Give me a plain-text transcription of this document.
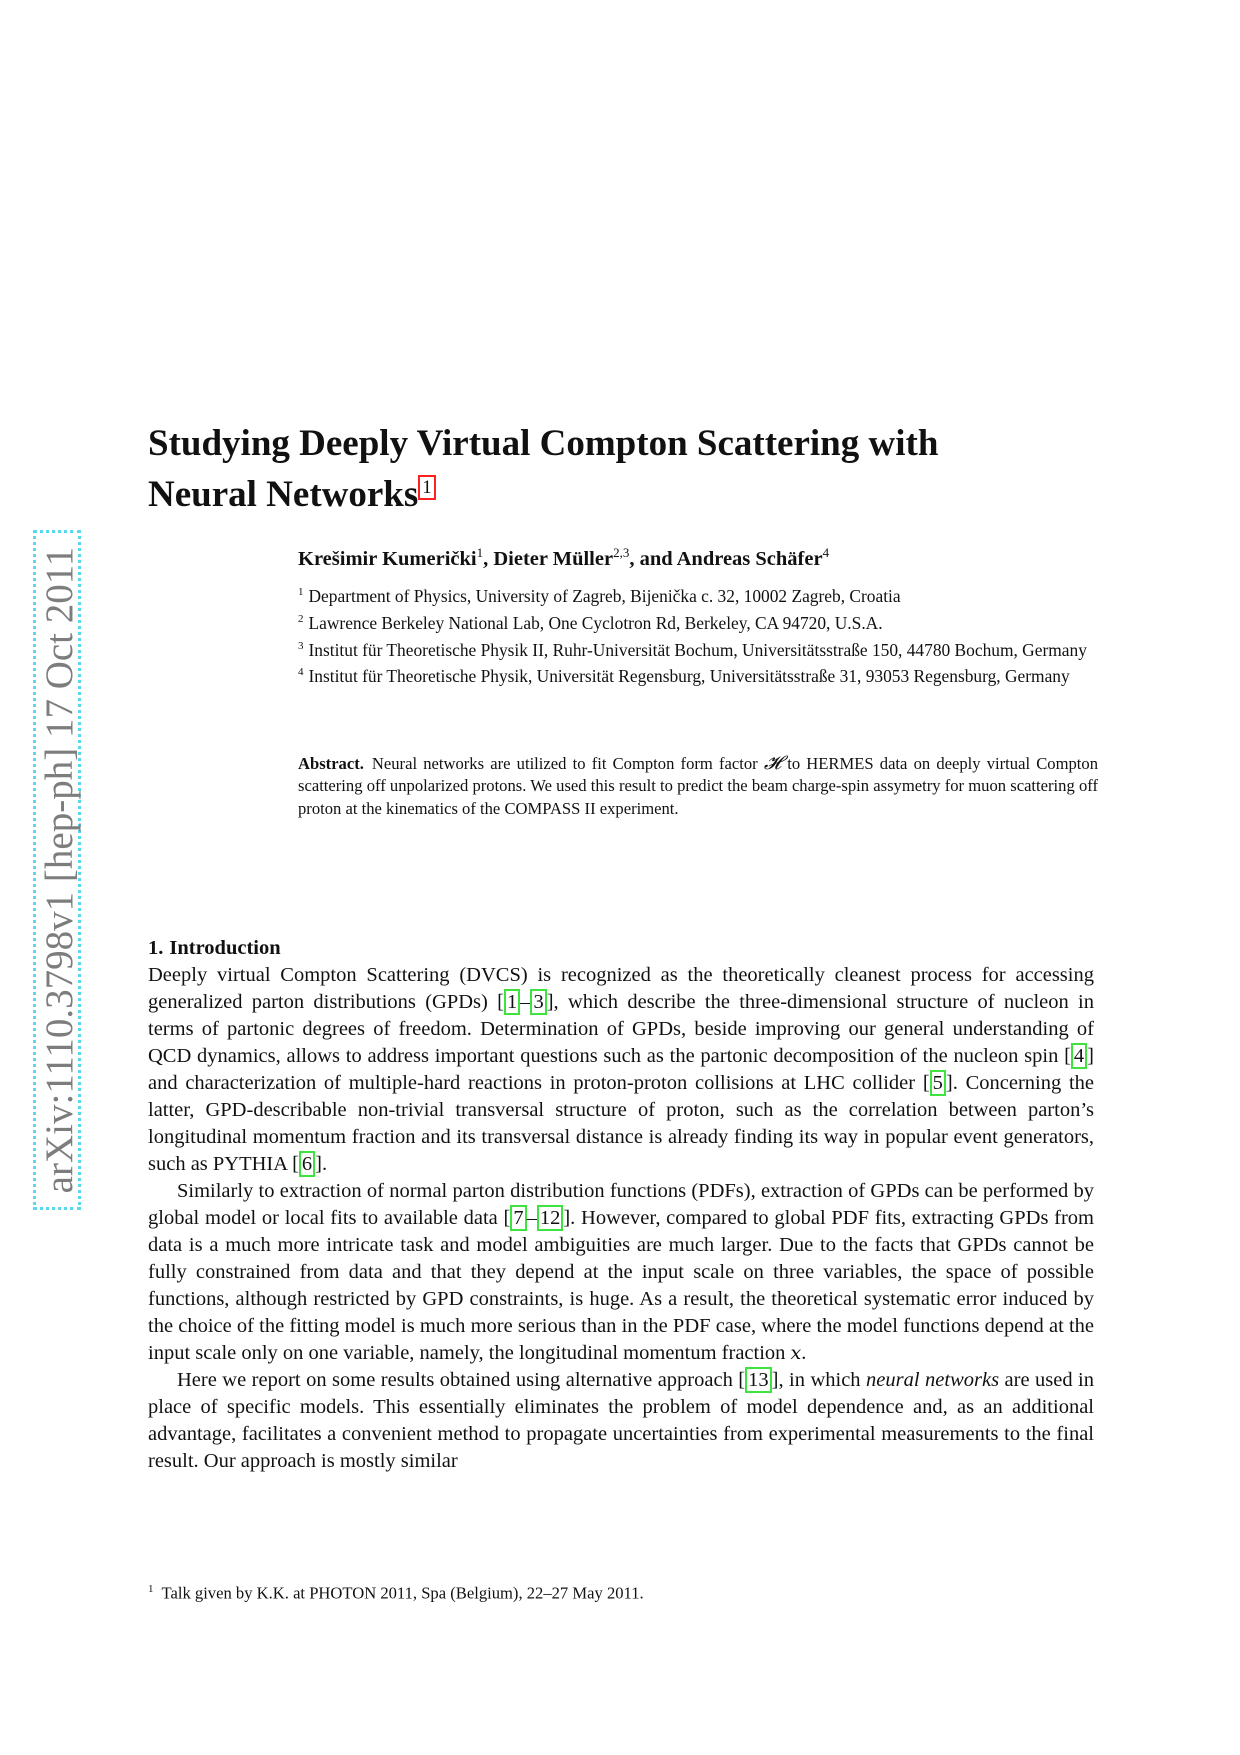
arXiv:1110.3798v1 [hep-ph] 17 Oct 2011
Studying Deeply Virtual Compton Scattering with
Neural Networks $^1$
Krešimir Kumerički$^1$, Dieter Müller$^{2,3}$, and Andreas Schäfer$^4$

$^1$ Department of Physics, University of Zagreb, Bijenička c. 32, 10002 Zagreb, Croatia

$^2$ Lawrence Berkeley National Lab, One Cyclotron Rd, Berkeley, CA 94720, U.S.A.

$^3$ Institut für Theoretische Physik II, Ruhr-Universität Bochum, Universitätsstraße 150, 44780 Bochum, Germany

$^4$ Institut für Theoretische Physik, Universität Regensburg, Universitätsstraße 31, 93053 Regensburg, Germany

Abstract. Neural networks are utilized to fit Compton form factor 𝓗 to HERMES data on deeply virtual Compton scattering off unpolarized protons. We used this result to predict the beam charge-spin assymetry for muon scattering off proton at the kinematics of the COMPASS II experiment.

1. Introduction

Deeply virtual Compton Scattering (DVCS) is recognized as the theoretically cleanest process for accessing generalized parton distributions (GPDs) [ 1 – 3 ], which describe the three-dimensional structure of nucleon in terms of partonic degrees of freedom. Determination of GPDs, beside improving our general understanding of QCD dynamics, allows to address important questions such as the partonic decomposition of the nucleon spin [ 4 ] and characterization of multiple-hard reactions in proton-proton collisions at LHC collider [ 5 ]. Concerning the latter, GPD-describable non-trivial transversal structure of proton, such as the correlation between parton’s longitudinal momentum fraction and its transversal distance is already finding its way in popular event generators, such as PYTHIA [ 6 ].

Similarly to extraction of normal parton distribution functions (PDFs), extraction of GPDs can be performed by global model or local fits to available data [ 7 – 12 ]. However, compared to global PDF fits, extracting GPDs from data is a much more intricate task and model ambiguities are much larger. Due to the facts that GPDs cannot be fully constrained from data and that they depend at the input scale on three variables, the space of possible functions, although restricted by GPD constraints, is huge. As a result, the theoretical systematic error induced by the choice of the fitting model is much more serious than in the PDF case, where the model functions depend at the input scale only on one variable, namely, the longitudinal momentum fraction x.

Here we report on some results obtained using alternative approach [ 13 ], in which neural networks are used in place of specific models. This essentially eliminates the problem of model dependence and, as an additional advantage, facilitates a convenient method to propagate uncertainties from experimental measurements to the final result. Our approach is mostly similar

$^1$ Talk given by K.K. at PHOTON 2011, Spa (Belgium), 22–27 May 2011.
